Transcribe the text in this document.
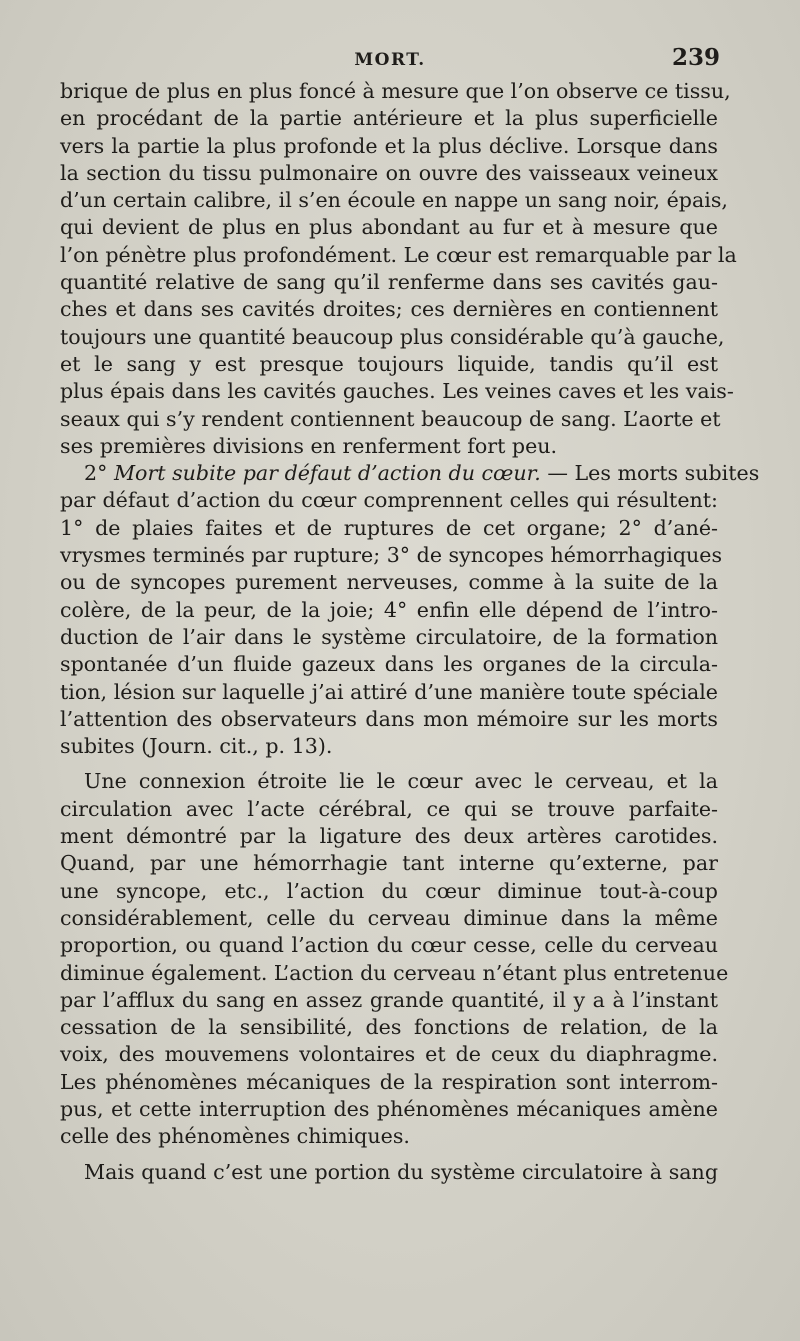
MORT.	239
brique de plus en plus foncé à mesure que l’on observe ce tissu,
en procédant de la partie antérieure et la plus superficielle
vers la partie la plus profonde et la plus déclive. Lorsque dans
la section du tissu pulmonaire on ouvre des vaisseaux veineux
d’un certain calibre, il s’en écoule en nappe un sang noir, épais,
qui devient de plus en plus abondant au fur et à mesure que
l’on pénètre plus profondément. Le cœur est remarquable par la
quantité relative de sang qu’il renferme dans ses cavités gau-
ches et dans ses cavités droites; ces dernières en contiennent
toujours une quantité beaucoup plus considérable qu’à gauche,
et le sang y est presque toujours liquide, tandis qu’il est
plus épais dans les cavités gauches. Les veines caves et les vais-
seaux qui s’y rendent contiennent beaucoup de sang. L’aorte et
ses premières divisions en renferment fort peu.
2° Mort subite par défaut d’action du cœur. — Les morts subites
par défaut d’action du cœur comprennent celles qui résultent:
1° de plaies faites et de ruptures de cet organe; 2° d’ané-
vrysmes terminés par rupture; 3° de syncopes hémorrhagiques
ou de syncopes purement nerveuses, comme à la suite de la
colère, de la peur, de la joie; 4° enfin elle dépend de l’intro-
duction de l’air dans le système circulatoire, de la formation
spontanée d’un fluide gazeux dans les organes de la circula-
tion, lésion sur laquelle j’ai attiré d’une manière toute spéciale
l’attention des observateurs dans mon mémoire sur les morts
subites (Journ. cit., p. 13).
Une connexion étroite lie le cœur avec le cerveau, et la
circulation avec l’acte cérébral, ce qui se trouve parfaite-
ment démontré par la ligature des deux artères carotides.
Quand, par une hémorrhagie tant interne qu’externe, par
une syncope, etc., l’action du cœur diminue tout-à-coup
considérablement, celle du cerveau diminue dans la même
proportion, ou quand l’action du cœur cesse, celle du cerveau
diminue également. L’action du cerveau n’étant plus entretenue
par l’afflux du sang en assez grande quantité, il y a à l’instant
cessation de la sensibilité, des fonctions de relation, de la
voix, des mouvemens volontaires et de ceux du diaphragme.
Les phénomènes mécaniques de la respiration sont interrom-
pus, et cette interruption des phénomènes mécaniques amène
celle des phénomènes chimiques.
Mais quand c’est une portion du système circulatoire à sang
